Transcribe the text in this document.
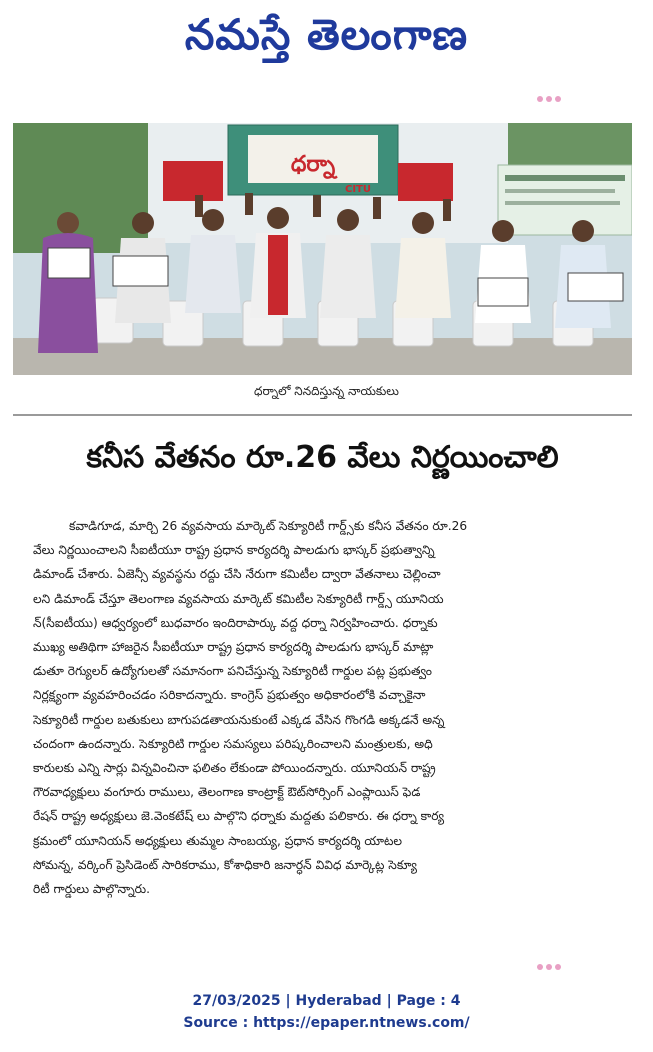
నమస్తే తెలంగాణ
ధర్నా
CITU
ధర్నాలో నినదిస్తున్న నాయకులు
కనీస వేతనం రూ.26 వేలు నిర్ణయించాలి
కవాడిగూడ, మార్చి 26 వ్యవసాయ మార్కెట్ సెక్యూరిటీ గార్డ్స్‌కు కనీస వేతనం రూ.26
వేలు నిర్ణయించాలని సీఐటీయూ రాష్ట్ర ప్రధాన కార్యదర్శి పాలడుగు భాస్కర్ ప్రభుత్వాన్ని
డిమాండ్ చేశారు. ఏజెన్సీ వ్యవస్థను రద్దు చేసి నేరుగా కమిటీల ద్వారా వేతనాలు చెల్లించా
లని డిమాండ్ చేస్తూ తెలంగాణ వ్యవసాయ మార్కెట్ కమిటీల సెక్యూరిటీ గార్డ్స్ యూనియ
న్(సీఐటీయు) ఆధ్వర్యంలో బుధవారం ఇందిరాపార్కు వద్ద ధర్నా నిర్వహించారు. ధర్నాకు
ముఖ్య అతిథిగా హాజరైన సీఐటీయూ రాష్ట్ర ప్రధాన కార్యదర్శి పాలడుగు భాస్కర్ మాట్లా
డుతూ రెగ్యులర్ ఉద్యోగులతో సమానంగా పనిచేస్తున్న సెక్యూరిటీ గార్డుల పట్ల ప్రభుత్వం
నిర్లక్ష్యంగా వ్యవహరించడం సరికాదన్నారు. కాంగ్రెస్ ప్రభుత్వం అధికారంలోకి వచ్చాకైనా
సెక్యూరిటీ గార్డుల బతుకులు బాగుపడతాయనుకుంటే ఎక్కడ వేసిన గొంగడి అక్కడనే అన్న
చందంగా ఉందన్నారు. సెక్యూరిటి గార్డుల సమస్యలు పరిష్కరించాలని మంత్రులకు, అధి
కారులకు ఎన్ని సార్లు విన్నవించినా ఫలితం లేకుండా పోయిందన్నారు. యూనియన్ రాష్ట్ర
గౌరవాధ్యక్షులు వంగూరు రాములు, తెలంగాణ కాంట్రాక్ట్ ఔట్‌సోర్సింగ్ ఎంప్లాయిస్ ఫెడ
రేషన్ రాష్ట్ర అధ్యక్షులు జె.వెంకటేష్ లు పాల్గొని ధర్నాకు మద్దతు పలికారు. ఈ ధర్నా కార్య
క్రమంలో యూనియన్ అధ్యక్షులు తుమ్మల సాంబయ్య, ప్రధాన కార్యదర్శి యాటల
సోమన్న, వర్కింగ్ ప్రెసిడెంట్ సారికరాము, కోశాధికారి జనార్ధన్ వివిధ మార్కెట్ల సెక్యూ
రిటీ గార్డులు పాల్గొన్నారు.
27/03/2025 | Hyderabad | Page : 4
Source : https://epaper.ntnews.com/
